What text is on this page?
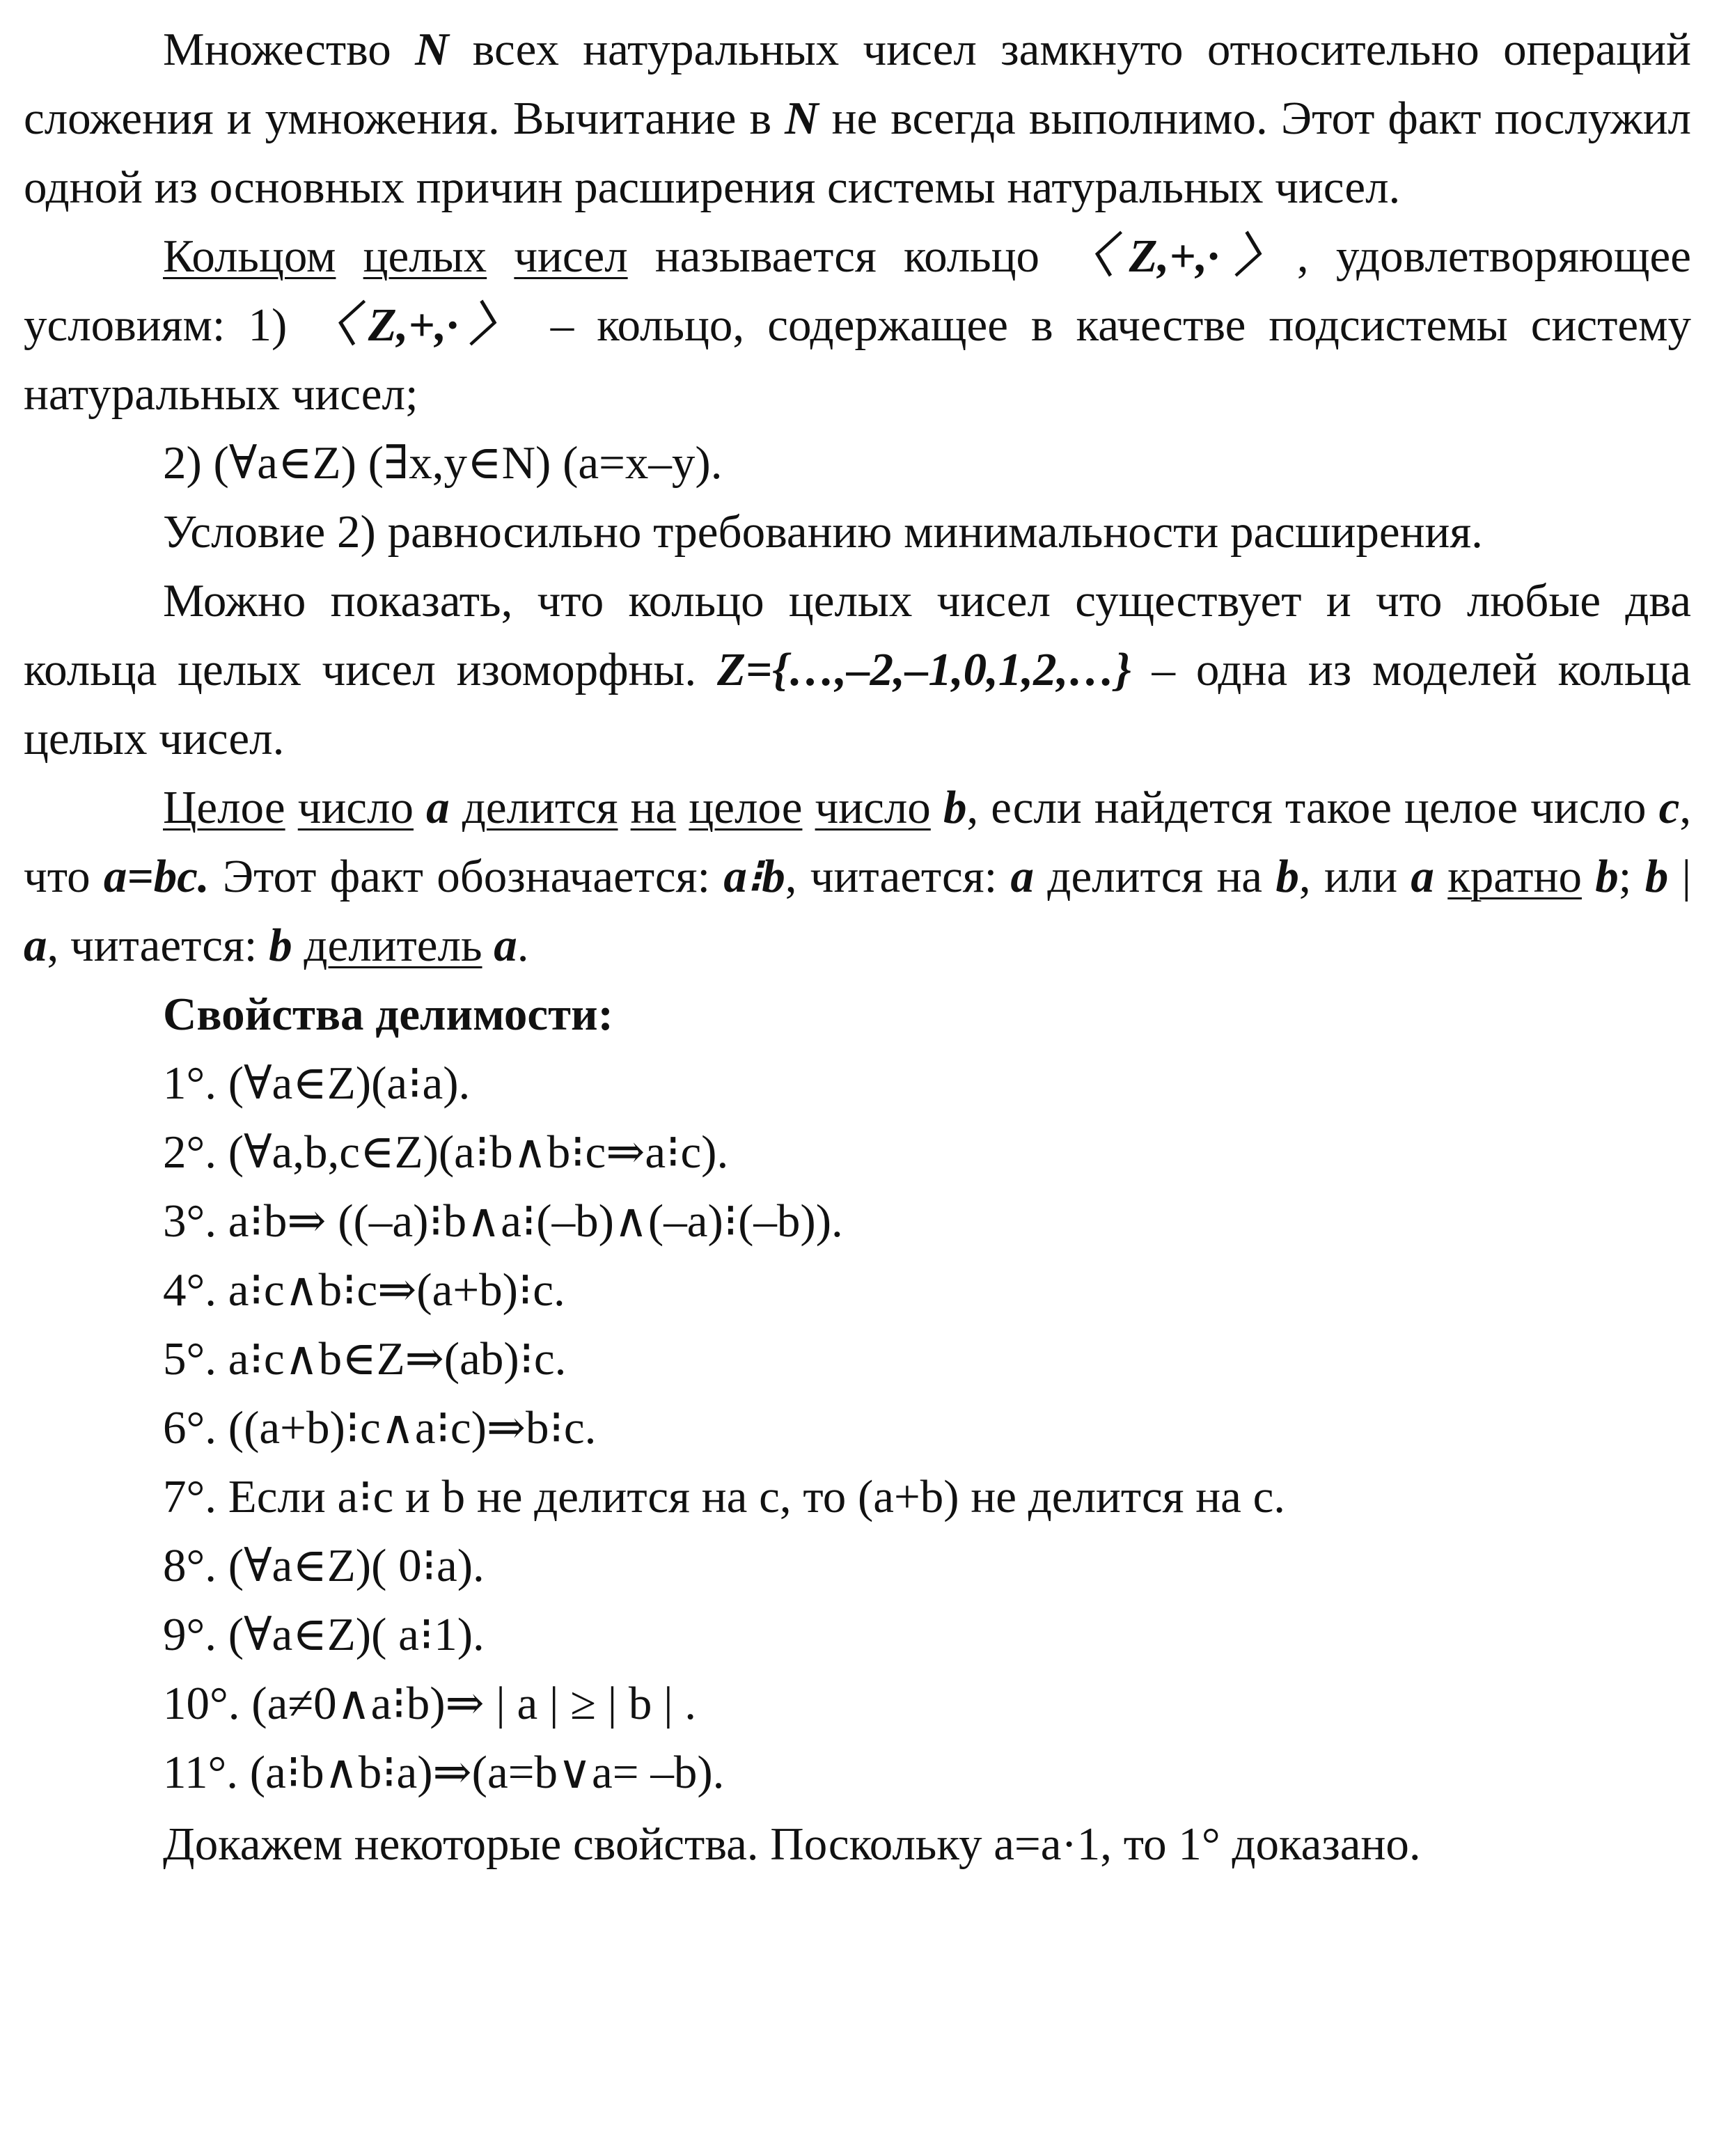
Множество N всех натуральных чисел замкнуто относительно операций сложения и умножения. Вычитание в N не всегда выполнимо. Этот факт послужил одной из основных причин расширения системы натуральных чисел.

Кольцом целых чисел называется кольцо 〈Z,+,·〉, удовлетворяющее условиям: 1) 〈Z,+,·〉 – кольцо, содержащее в качестве подсистемы систему натуральных чисел;

2) (∀a∈Z) (∃x,y∈N) (a=x–y).

Условие 2) равносильно требованию минимальности расширения.

Можно показать, что кольцо целых чисел существует и что любые два кольца целых чисел изоморфны. Z={…,–2,–1,0,1,2,…} – одна из моделей кольца целых чисел.

Целое число a делится на целое число b, если найдется такое целое число c, что a=bc. Этот факт обозначается: a⁝b, читается: a делится на b, или a кратно b; b | a, читается: b делитель a.

Свойства делимости:

1°. (∀a∈Z)(a⁝a).

2°. (∀a,b,c∈Z)(a⁝b∧b⁝c⇒a⁝c).

3°. a⁝b⇒ ((–a)⁝b∧a⁝(–b)∧(–a)⁝(–b)).

4°. a⁝c∧b⁝c⇒(a+b)⁝c.

5°. a⁝c∧b∈Z⇒(ab)⁝c.

6°. ((a+b)⁝c∧a⁝c)⇒b⁝c.

7°. Если a⁝c и b не делится на c, то (a+b) не делится на c.

8°. (∀a∈Z)( 0⁝a).

9°. (∀a∈Z)( a⁝1).

10°. (a≠0∧a⁝b)⇒ | a | ≥ | b | .

11°. (a⁝b∧b⁝a)⇒(a=b∨a= –b).

Докажем некоторые свойства. Поскольку a=a·1, то 1° доказано.
